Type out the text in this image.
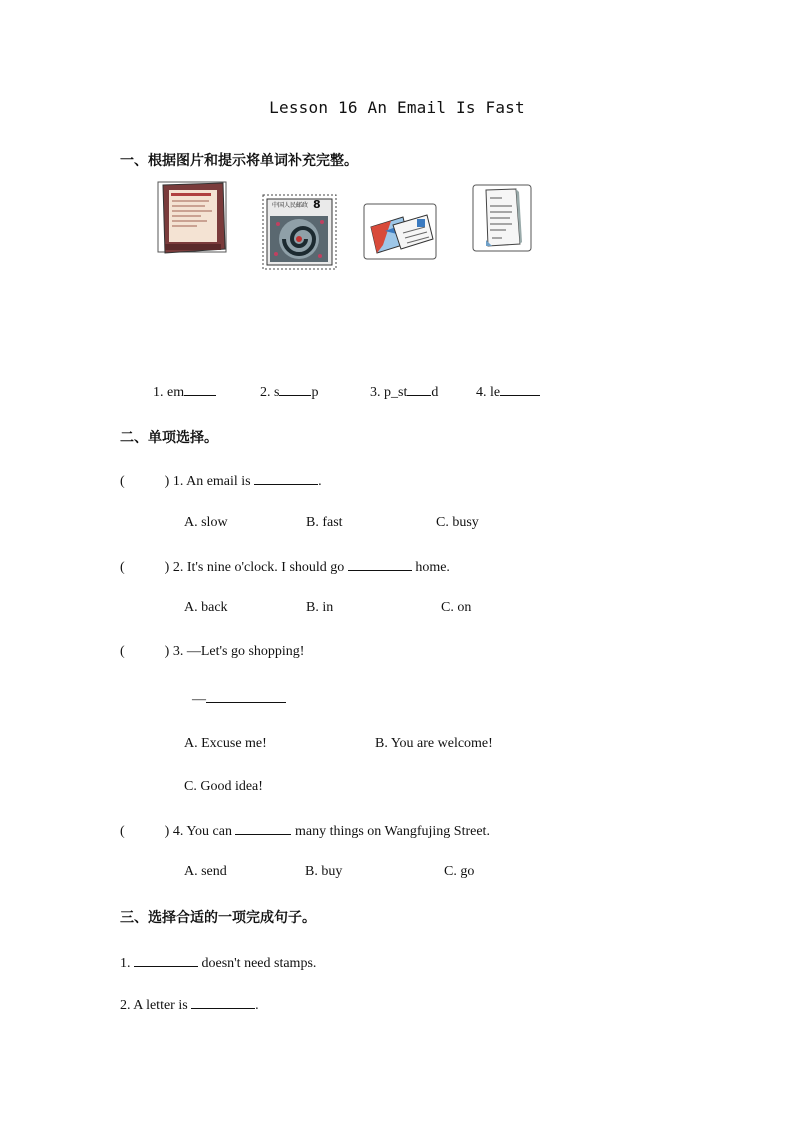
Lesson 16 An Email Is Fast
一、根据图片和提示将单词补充完整。
中国人民邮政 8
1. em	2. s p	3. p_st d	4. le
二、单项选择。
(	) 1. An email is	.
A. slow	B. fast	C. busy
(	) 2. It's nine o'clock. I should go	home.
A. back	B. in	C. on
(	) 3. —Let's go shopping!
—
A. Excuse me!	B. You are welcome!
C. Good idea!
(	) 4. You can	many things on Wangfujing Street.
A. send	B. buy	C. go
三、选择合适的一项完成句子。
1.	doesn't need stamps.
2. A letter is	.
